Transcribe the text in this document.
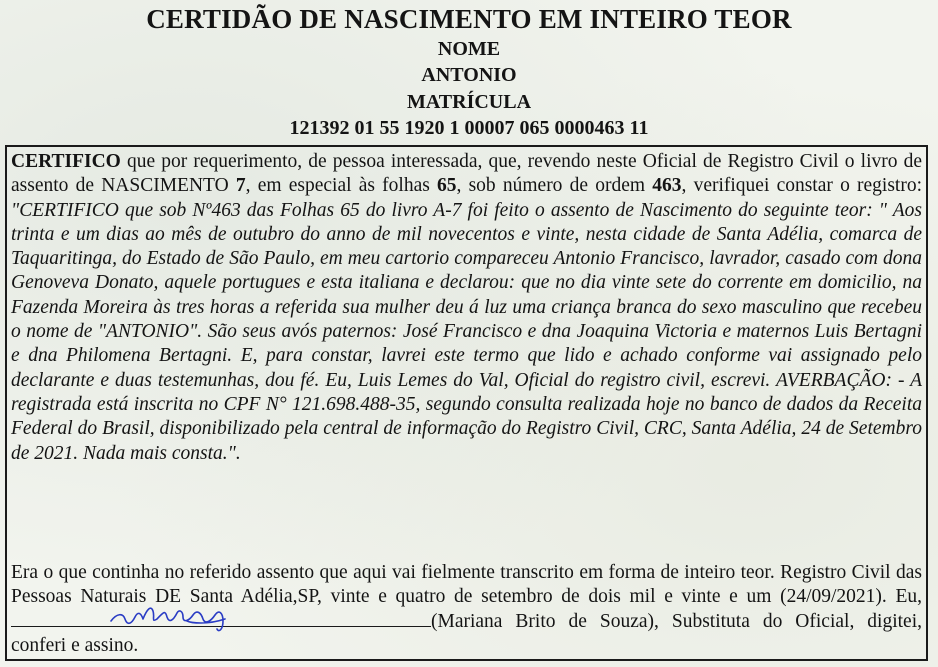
CERTIDÃO DE NASCIMENTO EM INTEIRO TEOR
NOME
ANTONIO
MATRÍCULA
121392 01 55 1920 1 00007 065 0000463 11
CERTIFICO que por requerimento, de pessoa interessada, que, revendo neste Oficial de Registro Civil o livro de assento de NASCIMENTO 7, em especial às folhas 65, sob número de ordem 463, verifiquei constar o registro: "CERTIFICO que sob Nº463 das Folhas 65 do livro A-7 foi feito o assento de Nascimento do seguinte teor: " Aos trinta e um dias ao mês de outubro do anno de mil novecentos e vinte, nesta cidade de Santa Adélia, comarca de Taquaritinga, do Estado de São Paulo, em meu cartorio compareceu Antonio Francisco, lavrador, casado com dona Genoveva Donato, aquele portugues e esta italiana e declarou: que no dia vinte sete do corrente em domicilio, na Fazenda Moreira às tres horas a referida sua mulher deu á luz uma criança branca do sexo masculino que recebeu o nome de "ANTONIO". São seus avós paternos: José Francisco e dna Joaquina Victoria e maternos Luis Bertagni e dna Philomena Bertagni. E, para constar, lavrei este termo que lido e achado conforme vai assignado pelo declarante e duas testemunhas, dou fé. Eu, Luis Lemes do Val, Oficial do registro civil, escrevi. AVERBAÇÃO: - A registrada está inscrita no CPF N° 121.698.488-35, segundo consulta realizada hoje no banco de dados da Receita Federal do Brasil, disponibilizado pela central de informação do Registro Civil, CRC, Santa Adélia, 24 de Setembro de 2021. Nada mais consta.".
Era o que continha no referido assento que aqui vai fielmente transcrito em forma de inteiro teor. Registro Civil das Pessoas Naturais DE Santa Adélia,SP, vinte e quatro de setembro de dois mil e vinte e um (24/09/2021). Eu,
(Mariana Brito de Souza), Substituta do Oficial, digitei, conferi e assino.
